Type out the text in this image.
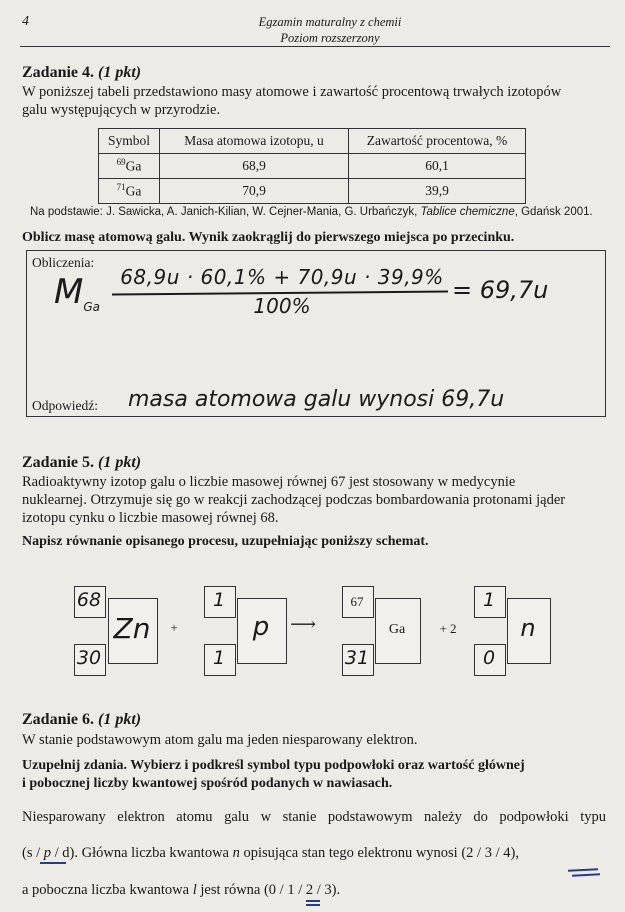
4	Egzamin maturalny z chemii
Poziom rozszerzony
Zadanie 4. (1 pkt)

W poniższej tabeli przedstawiono masy atomowe i zawartość procentową trwałych izotopów

galu występujących w przyrodzie.

Symbol	Masa atomowa izotopu, u	Zawartość procentowa, %
$^{69}$Ga	68,9	60,1
$^{71}$Ga	70,9	39,9
Na podstawie: J. Sawicka, A. Janich-Kilian, W. Cejner-Mania, G. Urbańczyk, Tablice chemiczne, Gdańsk 2001.
Oblicz masę atomową galu. Wynik zaokrąglij do pierwszego miejsca po przecinku.
Obliczenia:
$M_{Ga}$
68,9u · 60,1% + 70,9u · 39,9%
100%
= 69,7u
Odpowiedź: masa atomowa galu wynosi 69,7u
Zadanie 5. (1 pkt)

Radioaktywny izotop galu o liczbie masowej równej 67 jest stosowany w medycynie

nuklearnej. Otrzymuje się go w reakcji zachodzącej podczas bombardowania protonami jąder

izotopu cynku o liczbie masowej równej 68.

Napisz równanie opisanego procesu, uzupełniając poniższy schemat.
68
Zn
30
+
1
p
1
⟶
67
Ga
31
+ 2
1
n
0
Zadanie 6. (1 pkt)
W stanie podstawowym atom galu ma jeden niesparowany elektron.

Uzupełnij zdania. Wybierz i podkreśl symbol typu podpowłoki oraz wartość głównej

i pobocznej liczby kwantowej spośród podanych w nawiasach.

Niesparowany elektron atomu galu w stanie podstawowym należy do podpowłoki typu
(s / p / d). Główna liczba kwantowa n opisująca stan tego elektronu wynosi (2 / 3 / 4),
a poboczna liczba kwantowa l jest równa (0 / 1 / 2 / 3).
